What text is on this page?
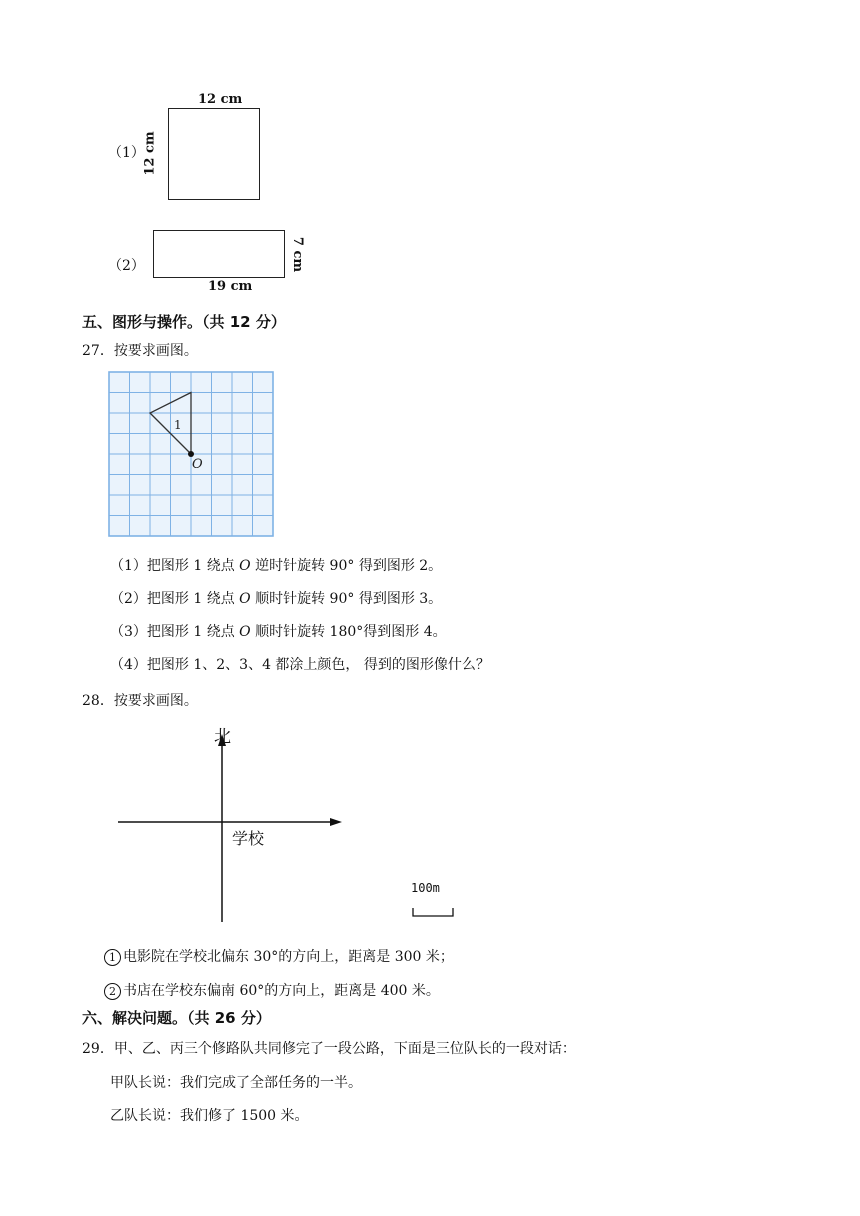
（1）
12 cm
12 cm
（2）
19 cm
7 cm
五、图形与操作。（共 12 分）
27．按要求画图。
1
O
（1）把图形 1 绕点 O 逆时针旋转 90° 得到图形 2。
（2）把图形 1 绕点 O 顺时针旋转 90° 得到图形 3。
（3）把图形 1 绕点 O 顺时针旋转 180°得到图形 4。
（4）把图形 1、2、3、4 都涂上颜色， 得到的图形像什么？
28．按要求画图。
北
学校
100m
1 电影院在学校北偏东 30°的方向上，距离是 300 米；
2 书店在学校东偏南 60°的方向上，距离是 400 米。
六、解决问题。（共 26 分）
29．甲、乙、丙三个修路队共同修完了一段公路，下面是三位队长的一段对话：
甲队长说：我们完成了全部任务的一半。
乙队长说：我们修了 1500 米。
